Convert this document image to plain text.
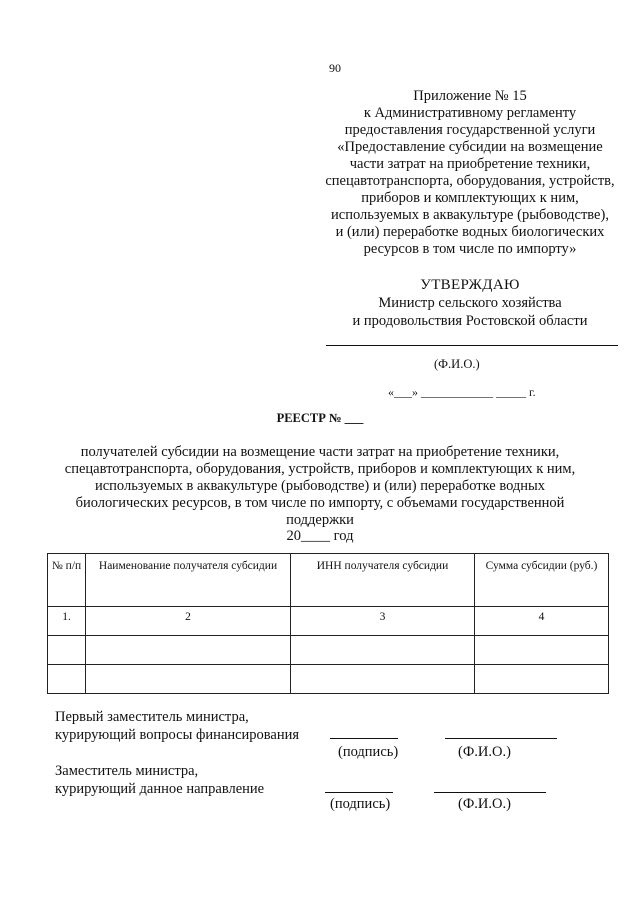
90
Приложение № 15
к Административному регламенту
предоставления государственной услуги
«Предоставление субсидии на возмещение
части затрат на приобретение техники,
спецавтотранспорта, оборудования, устройств,
приборов и комплектующих к ним,
используемых в аквакультуре (рыбоводстве),
и (или) переработке водных биологических
ресурсов в том числе по импорту»
УТВЕРЖДАЮ
Министр сельского хозяйства
и продовольствия Ростовской области
(Ф.И.О.)
«___» ____________ _____ г.
РЕЕСТР № ___
получателей субсидии на возмещение части затрат на приобретение техники,
спецавтотранспорта, оборудования, устройств, приборов и комплектующих к ним,
используемых в аквакультуре (рыбоводстве) и (или) переработке водных
биологических ресурсов, в том числе по импорту, с объемами государственной
поддержки
20____ год
№ п/п	Наименование получателя субсидии	ИНН получателя субсидии	Сумма субсидии (руб.)
1.	2	3	4

Первый заместитель министра,
курирующий вопросы финансирования
(подпись)	(Ф.И.О.)
Заместитель министра,
курирующий данное направление
(подпись)	(Ф.И.О.)
